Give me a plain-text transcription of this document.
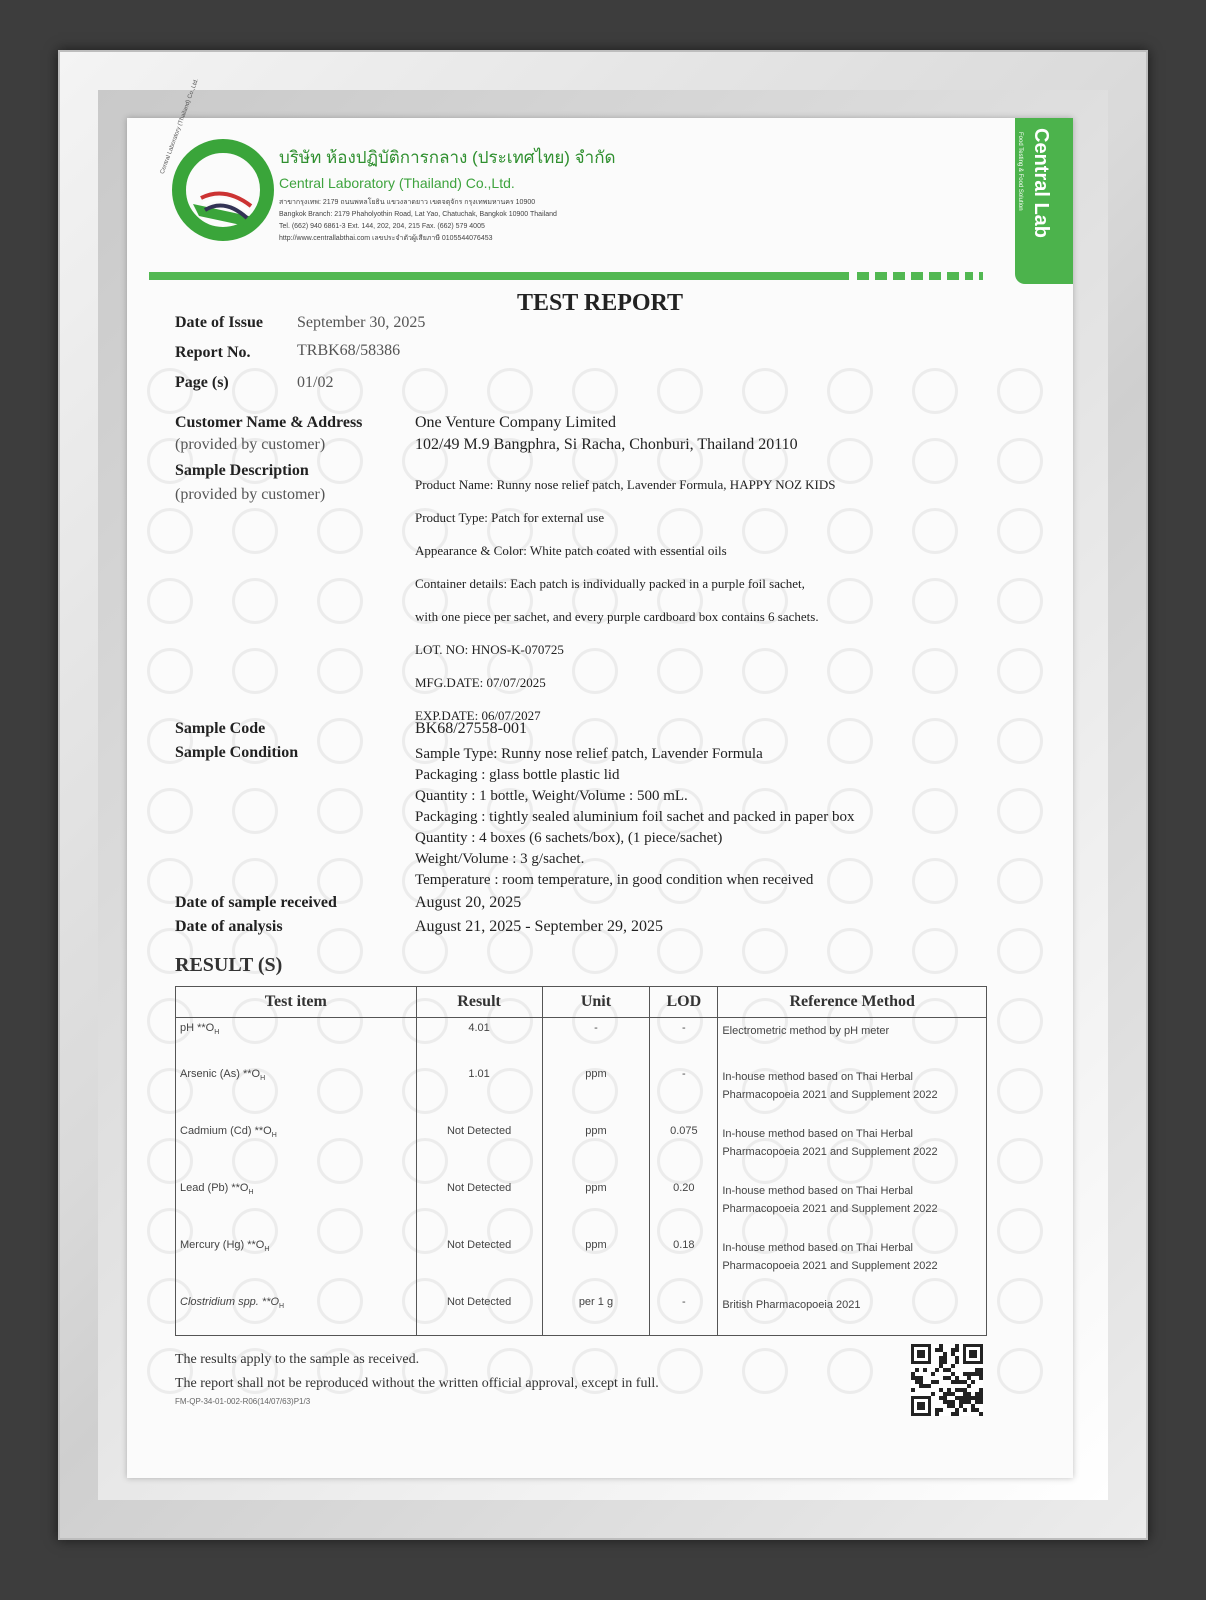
Central Laboratory (Thailand) Co.,Ltd.	บริษัท ห้องปฏิบัติการกลาง (ประเทศไทย) จำกัด
Central Laboratory (Thailand) Co.,Ltd.
สาขากรุงเทพ: 2179 ถนนพหลโยธิน แขวงลาดยาว เขตจตุจักร กรุงเทพมหานคร 10900
Bangkok Branch: 2179 Phaholyothin Road, Lat Yao, Chatuchak, Bangkok 10900 Thailand
Tel. (662) 940 6861-3 Ext. 144, 202, 204, 215 Fax. (662) 579 4005
http://www.centrallabthai.com เลขประจำตัวผู้เสียภาษี 0105544076453
Food Testing & Food Solution Central Lab
TEST REPORT
Date of Issue September 30, 2025
Report No.	TRBK68/58386
Page (s)	01/02
Customer Name & Address
(provided by customer)
One Venture Company Limited
102/49 M.9 Bangphra, Si Racha, Chonburi, Thailand 20110
Sample Description
(provided by customer)
Product Name: Runny nose relief patch, Lavender Formula, HAPPY NOZ KIDS
Product Type: Patch for external use
Appearance & Color: White patch coated with essential oils
Container details: Each patch is individually packed in a purple foil sachet,
with one piece per sachet, and every purple cardboard box contains 6 sachets.
LOT. NO: HNOS-K-070725
MFG.DATE: 07/07/2025
EXP.DATE: 06/07/2027
Sample Code	BK68/27558-001
Sample Condition	Sample Type: Runny nose relief patch, Lavender Formula
Packaging : glass bottle plastic lid
Quantity : 1 bottle, Weight/Volume : 500 mL.
Packaging : tightly sealed aluminium foil sachet and packed in paper box
Quantity : 4 boxes (6 sachets/box), (1 piece/sachet)
Weight/Volume : 3 g/sachet.
Temperature : room temperature, in good condition when received
Date of sample received	August 20, 2025
Date of analysis	August 21, 2025 - September 29, 2025
RESULT (S)
Test item	Result	Unit	LOD	Reference Method
pH $**O_H$	4.01	-	-	Electrometric method by pH meter
Arsenic (As) $**O_H$	1.01	ppm	-	In-house method based on Thai Herbal Pharmacopoeia 2021 and Supplement 2022
Cadmium (Cd) $**O_H$	Not Detected	ppm	0.075	In-house method based on Thai Herbal Pharmacopoeia 2021 and Supplement 2022
Lead (Pb) $**O_H$	Not Detected	ppm	0.20	In-house method based on Thai Herbal Pharmacopoeia 2021 and Supplement 2022
Mercury (Hg) $**O_H$	Not Detected	ppm	0.18	In-house method based on Thai Herbal Pharmacopoeia 2021 and Supplement 2022
Clostridium spp. $**O_H$	Not Detected	per 1 g	-	British Pharmacopoeia 2021
The results apply to the sample as received.
The report shall not be reproduced without the written official approval, except in full.
FM-QP-34-01-002-R06(14/07/63)P1/3
